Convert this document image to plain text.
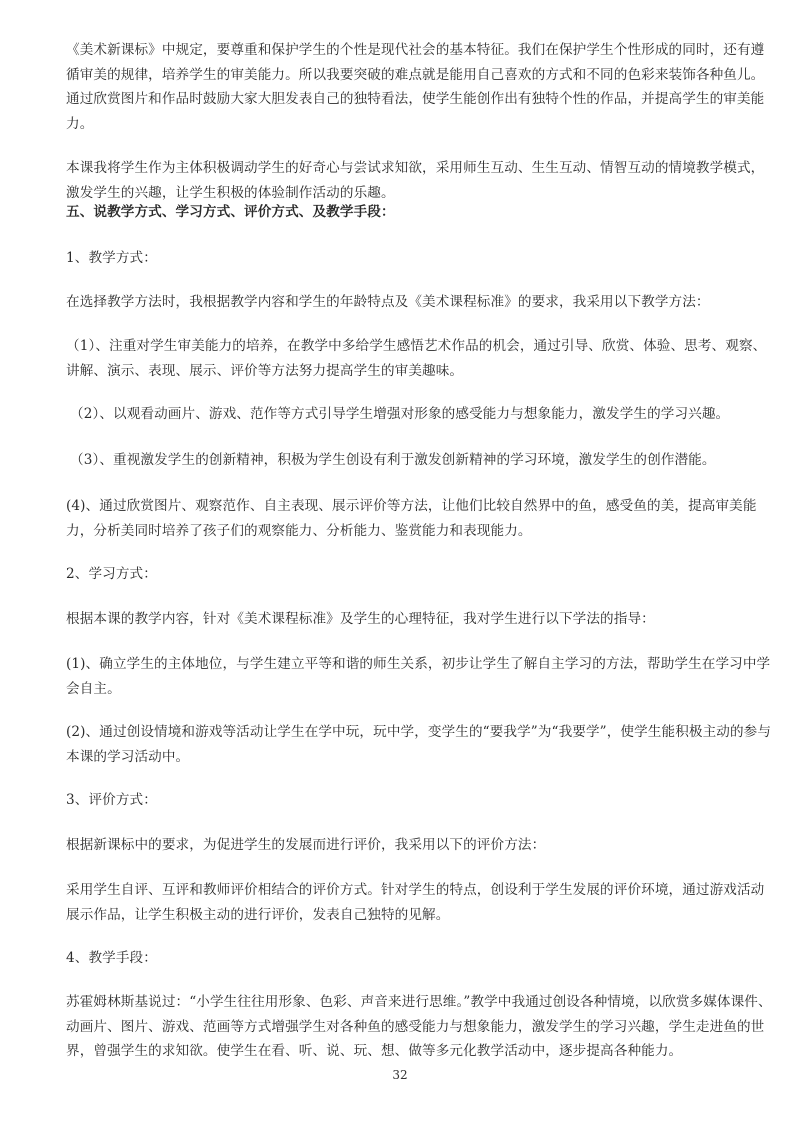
《美术新课标》中规定，要尊重和保护学生的个性是现代社会的基本特征。我们在保护学生个性形成的同时，还有遵循审美的规律，培养学生的审美能力。所以我要突破的难点就是能用自己喜欢的方式和不同的色彩来装饰各种鱼儿。通过欣赏图片和作品时鼓励大家大胆发表自己的独特看法，使学生能创作出有独特个性的作品，并提高学生的审美能力。

本课我将学生作为主体积极调动学生的好奇心与尝试求知欲，采用师生互动、生生互动、情智互动的情境教学模式，激发学生的兴趣，让学生积极的体验制作活动的乐趣。

五、说教学方式、学习方式、评价方式、及教学手段：

1、教学方式：

在选择教学方法时，我根据教学内容和学生的年龄特点及《美术课程标准》的要求，我采用以下教学方法：

（1）、注重对学生审美能力的培养，在教学中多给学生感悟艺术作品的机会，通过引导、欣赏、体验、思考、观察、讲解、演示、表现、展示、评价等方法努力提高学生的审美趣味。

（2）、以观看动画片、游戏、范作等方式引导学生增强对形象的感受能力与想象能力，激发学生的学习兴趣。

（3）、重视激发学生的创新精神，积极为学生创设有利于激发创新精神的学习环境，激发学生的创作潜能。

(4)、通过欣赏图片、观察范作、自主表现、展示评价等方法，让他们比较自然界中的鱼，感受鱼的美，提高审美能力，分析美同时培养了孩子们的观察能力、分析能力、鉴赏能力和表现能力。

2、学习方式：

根据本课的教学内容，针对《美术课程标准》及学生的心理特征，我对学生进行以下学法的指导：

(1)、确立学生的主体地位，与学生建立平等和谐的师生关系，初步让学生了解自主学习的方法，帮助学生在学习中学会自主。

(2)、通过创设情境和游戏等活动让学生在学中玩，玩中学，变学生的“要我学”为“我要学”，使学生能积极主动的参与本课的学习活动中。

3、评价方式：

根据新课标中的要求，为促进学生的发展而进行评价，我采用以下的评价方法：

采用学生自评、互评和教师评价相结合的评价方式。针对学生的特点，创设利于学生发展的评价环境，通过游戏活动展示作品，让学生积极主动的进行评价，发表自己独特的见解。

4、教学手段：

苏霍姆林斯基说过：“小学生往往用形象、色彩、声音来进行思维。”教学中我通过创设各种情境，以欣赏多媒体课件、动画片、图片、游戏、范画等方式增强学生对各种鱼的感受能力与想象能力，激发学生的学习兴趣，学生走进鱼的世界，曾强学生的求知欲。使学生在看、听、说、玩、想、做等多元化教学活动中，逐步提高各种能力。

32
